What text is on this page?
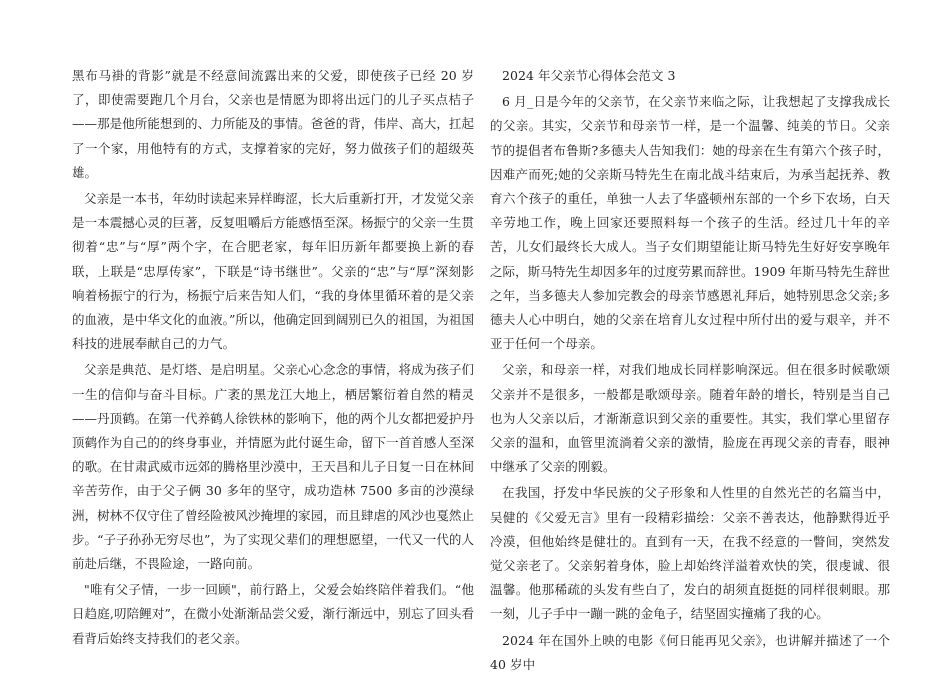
黑布马褂的背影”就是不经意间流露出来的父爱，即使孩子已经 20 岁了，即使需要跑几个月台，父亲也是情愿为即将出远门的儿子买点桔子——那是他所能想到的、力所能及的事情。爸爸的背，伟岸、高大，扛起了一个家，用他特有的方式，支撑着家的完好，努力做孩子们的超级英雄。

父亲是一本书，年幼时读起来异样晦涩，长大后重新打开，才发觉父亲是一本震撼心灵的巨著，反复咀嚼后方能感悟至深。杨振宁的父亲一生贯彻着“忠”与“厚”两个字，在合肥老家，每年旧历新年都要换上新的春联，上联是“忠厚传家”，下联是“诗书继世”。父亲的“忠”与“厚”深刻影响着杨振宁的行为，杨振宁后来告知人们，“我的身体里循环着的是父亲的血液，是中华文化的血液。”所以，他确定回到阔别已久的祖国，为祖国科技的进展奉献自己的力气。

父亲是典范、是灯塔、是启明星。父亲心心念念的事情，将成为孩子们一生的信仰与奋斗目标。广袤的黑龙江大地上，栖居繁衍着自然的精灵——丹顶鹤。在第一代养鹤人徐铁林的影响下，他的两个儿女都把爱护丹顶鹤作为自己的的终身事业，并情愿为此付诞生命，留下一首首感人至深的歌。在甘肃武威市远郊的腾格里沙漠中，王天昌和儿子日复一日在林间辛苦劳作，由于父子俩 30 多年的坚守，成功造林 7500 多亩的沙漠绿洲，树林不仅守住了曾经险被风沙掩埋的家园，而且肆虐的风沙也戛然止步。“子子孙孙无穷尽也”，为了实现父辈们的理想愿望，一代又一代的人前赴后继，不畏险途，一路向前。

"唯有父子情，一步一回顾"，前行路上，父爱会始终陪伴着我们。“他日趋庭,叨陪鲤对”，在微小处渐渐品尝父爱，渐行渐远中，别忘了回头看看背后始终支持我们的老父亲。

2024 年父亲节心得体会范文 3

6 月_日是今年的父亲节，在父亲节来临之际，让我想起了支撑我成长的父亲。其实，父亲节和母亲节一样，是一个温馨、纯美的节日。父亲节的提倡者布鲁斯?多德夫人告知我们：她的母亲在生有第六个孩子时，因难产而死;她的父亲斯马特先生在南北战斗结束后，为承当起抚养、教育六个孩子的重任，单独一人去了华盛顿州东部的一个乡下农场，白天辛劳地工作，晚上回家还要照料每一个孩子的生活。经过几十年的辛苦，儿女们最终长大成人。当子女们期望能让斯马特先生好好安享晚年之际，斯马特先生却因多年的过度劳累而辞世。1909 年斯马特先生辞世之年，当多德夫人参加完教会的母亲节感恩礼拜后，她特别思念父亲;多德夫人心中明白，她的父亲在培育儿女过程中所付出的爱与艰辛，并不亚于任何一个母亲。

父亲，和母亲一样，对我们地成长同样影响深远。但在很多时候歌颂父亲并不是很多，一般都是歌颂母亲。随着年龄的增长，特别是当自己也为人父亲以后，才渐渐意识到父亲的重要性。其实，我们掌心里留存父亲的温和，血管里流淌着父亲的激情，脸庞在再现父亲的青春，眼神中继承了父亲的刚毅。

在我国，抒发中华民族的父子形象和人性里的自然光芒的名篇当中，吴健的《父爱无言》里有一段精彩描绘：父亲不善表达，他静默得近乎冷漠，但他始终是健壮的。直到有一天，在我不经意的一瞥间，突然发觉父亲老了。父亲躬着身体，脸上却始终洋溢着欢快的笑，很虔诚、很温馨。他那稀疏的头发有些白了，发白的胡须直挺挺的同样很刺眼。那一刻，儿子手中一蹦一跳的金龟子，结坚固实撞痛了我的心。

2024 年在国外上映的电影《何日能再见父亲》，也讲解并描述了一个 40 岁中
